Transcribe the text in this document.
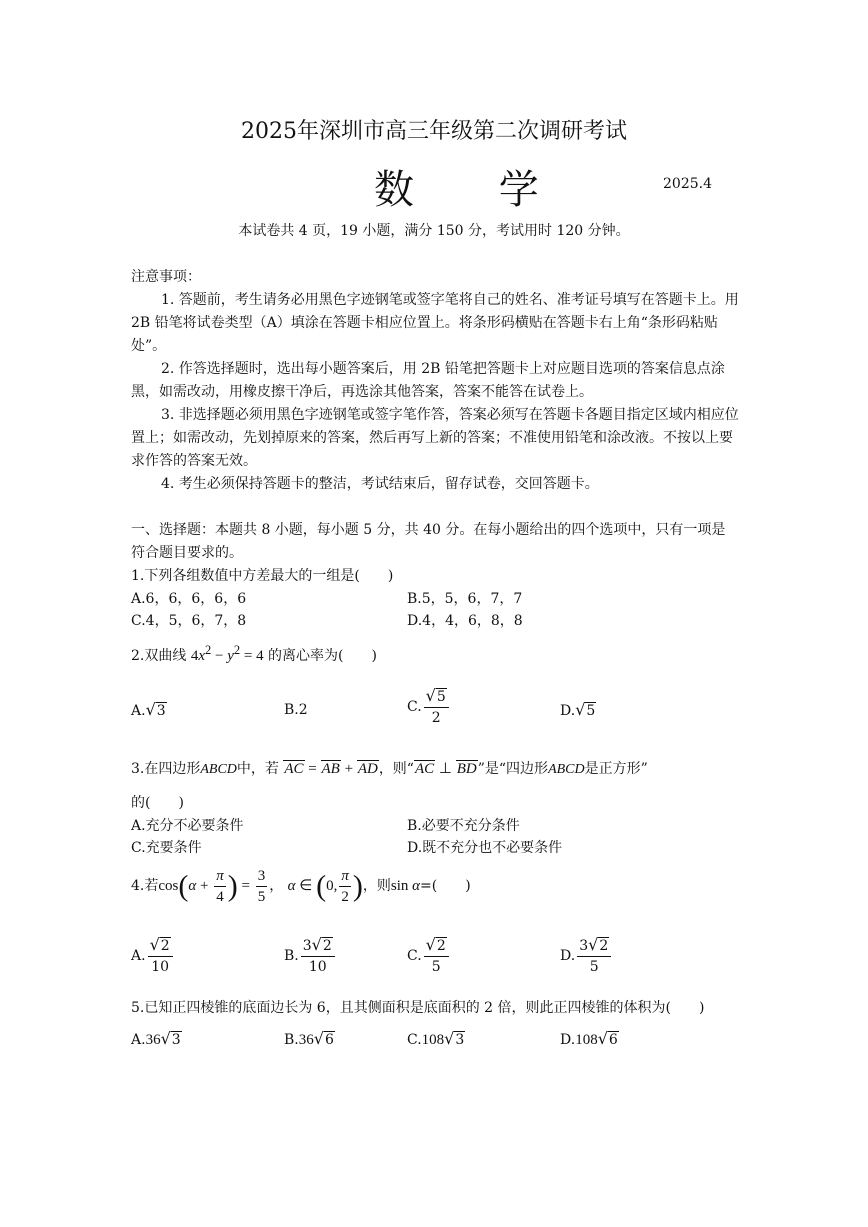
2025年深圳市高三年级第二次调研考试
数 学	2025.4
本试卷共 4 页，19 小题，满分 150 分，考试用时 120 分钟。
注意事项：
1. 答题前，考生请务必用黑色字迹钢笔或签字笔将自己的姓名、准考证号填写在答题卡上。用 2B 铅笔将试卷类型（A）填涂在答题卡相应位置上。将条形码横贴在答题卡右上角“条形码粘贴处”。
2. 作答选择题时，选出每小题答案后，用 2B 铅笔把答题卡上对应题目选项的答案信息点涂黑，如需改动，用橡皮擦干净后，再选涂其他答案，答案不能答在试卷上。
3. 非选择题必须用黑色字迹钢笔或签字笔作答，答案必须写在答题卡各题目指定区域内相应位置上；如需改动，先划掉原来的答案，然后再写上新的答案；不准使用铅笔和涂改液。不按以上要求作答的答案无效。
4. 考生必须保持答题卡的整洁，考试结束后，留存试卷，交回答题卡。
一、选择题：本题共 8 小题，每小题 5 分，共 40 分。在每小题给出的四个选项中，只有一项是符合题目要求的。
1.下列各组数值中方差最大的一组是(　　)
A.6，6，6，6，6	B.5，5，6，7，7
C.4，5，6，7，8	D.4，4，6，8，8
2.双曲线 $4x^2 - y^2 = 4$ 的离心率为(　　)
A.√3	B.2	C. $\frac{√5}{2}$	D.√5
3.在四边形ABCD中，若 AC = AB + AD，则“AC ⊥ BD”是“四边形ABCD是正方形”
的(　　)
A.充分不必要条件	B.必要不充分条件
C.充要条件	D.既不充分也不必要条件
4.若$\cos(\alpha + \frac{\pi}{4}$ ) = $\frac{3}{5}$ ， α ∈ (0, $\frac{\pi}{2}$ )，则sin α=(　　)
A. $\frac{√2}{10}$	B. $\frac{3√2}{10}$	C. $\frac{√2}{5}$	D. $\frac{3√2}{5}$
5.已知正四棱锥的底面边长为 6，且其侧面积是底面积的 2 倍，则此正四棱锥的体积为(　　)
A.36√3	B.36√6	C.108√3	D.108√6
